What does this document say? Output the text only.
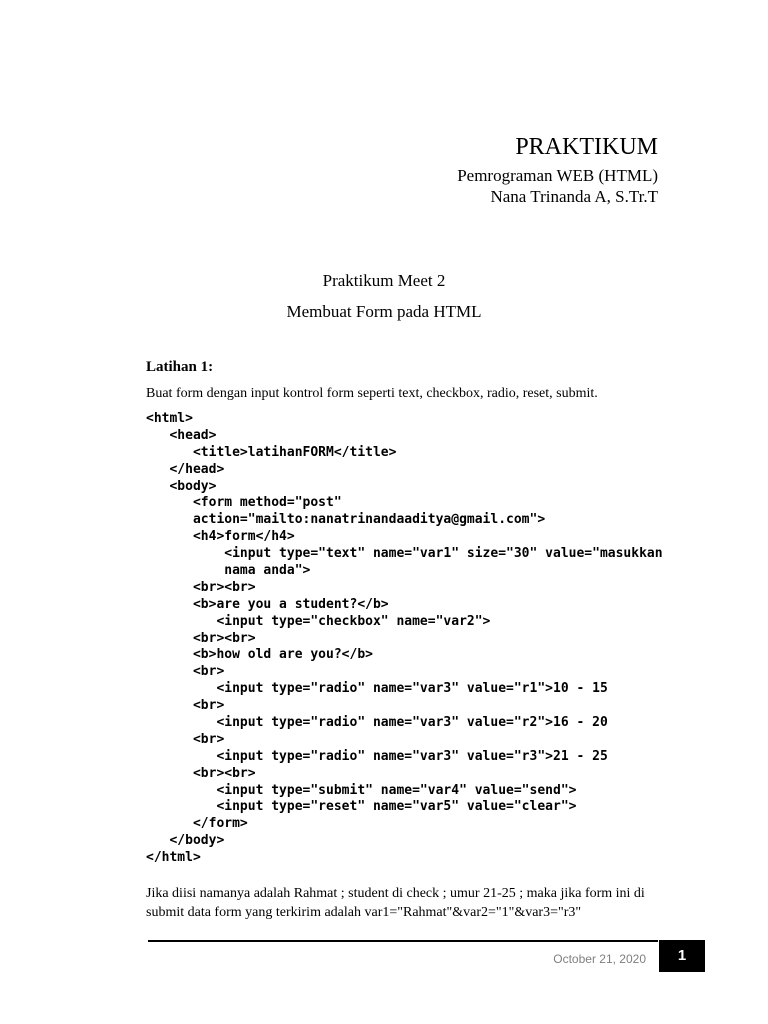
PRAKTIKUM
Pemrograman WEB (HTML)
Nana Trinanda A, S.Tr.T
Praktikum Meet 2
Membuat Form pada HTML
Latihan 1:
Buat form dengan input kontrol form seperti text, checkbox, radio, reset, submit.
<html>
<head>
<title>latihanFORM</title>
</head>
<body>
<form method="post"
action="mailto:nanatrinandaaditya@gmail.com">
<h4>form</h4>
<input type="text" name="var1" size="30" value="masukkan
nama anda">
<br><br>
<b>are you a student?</b>
<input type="checkbox" name="var2">
<br><br>
<b>how old are you?</b>
<br>
<input type="radio" name="var3" value="r1">10 - 15
<br>
<input type="radio" name="var3" value="r2">16 - 20
<br>
<input type="radio" name="var3" value="r3">21 - 25
<br><br>
<input type="submit" name="var4" value="send">
<input type="reset" name="var5" value="clear">
</form>
</body>
</html>
Jika diisi namanya adalah Rahmat ; student di check ; umur 21-25 ; maka jika form ini di submit data form yang terkirim adalah var1="Rahmat"&var2="1"&var3="r3"
October 21, 2020	1
